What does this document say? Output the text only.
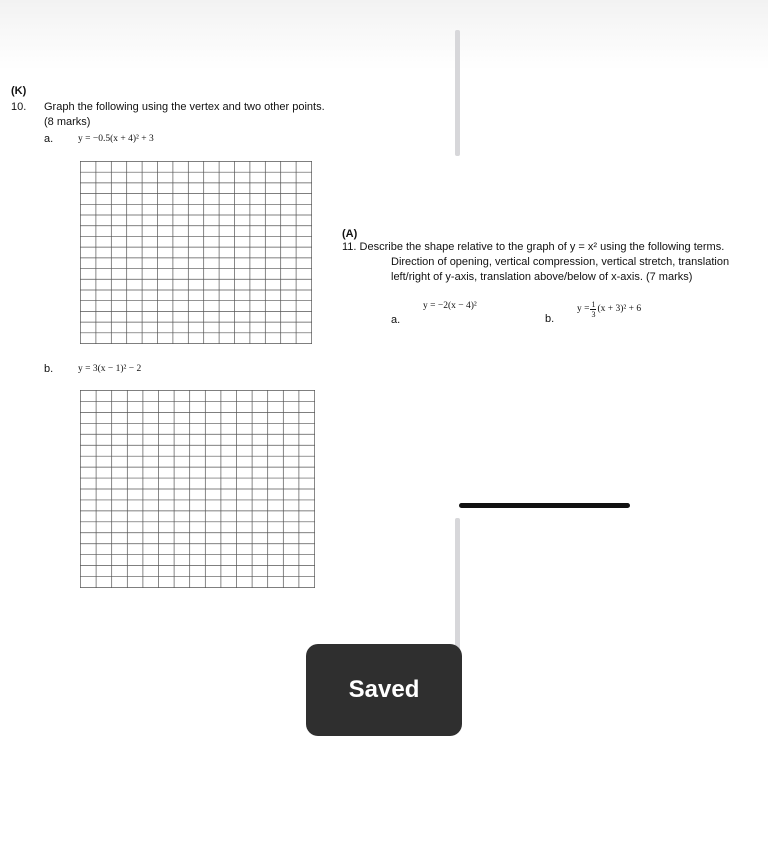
(K)
10. Graph the following using the vertex and two other points.
(8 marks)
a.	y = −0.5(x + 4)² + 3
b.	y = 3(x − 1)² − 2
(A)
11. Describe the shape relative to the graph of y = x² using the following terms.
Direction of opening, vertical compression, vertical stretch, translation
left/right of y-axis, translation above/below of x-axis. (7 marks)
y = −2(x − 4)²
a.	b.
$y = \frac{1}{3} (x + 3)^2 + 6$
Saved
